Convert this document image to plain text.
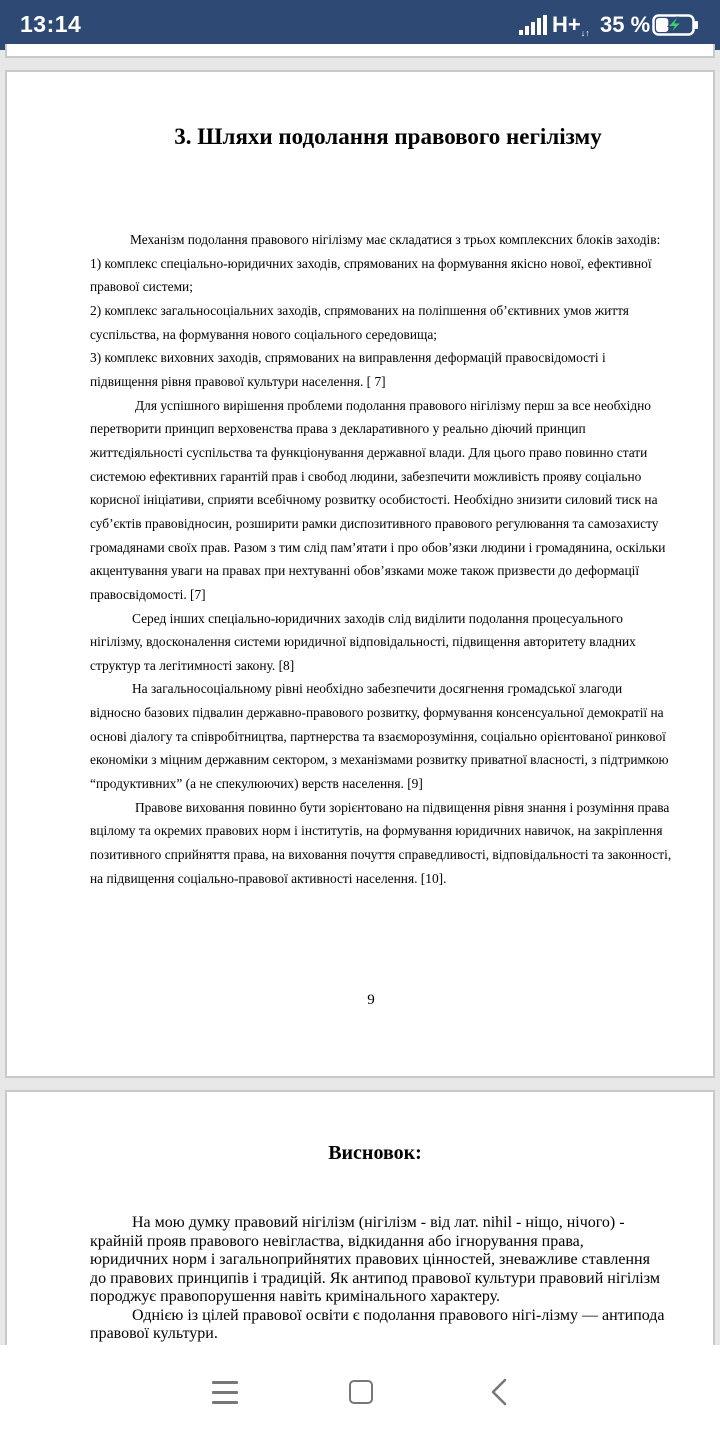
13:14	H+↓↑ 35 %
3. Шляхи подолання правового негілізму

Механізм подолання правового нігілізму має складатися з трьох комплексних блоків заходів:

1) комплекс спеціально-юридичних заходів, спрямованих на формування якісно нової, ефективної правової системи;

2) комплекс загальносоціальних заходів, спрямованих на поліпшення об’єктивних умов життя суспільства, на формування нового соціального середовища;

3) комплекс виховних заходів, спрямованих на виправлення деформацій правосвідомості і підвищення рівня правової культури населення. [ 7]

Для успішного вирішення проблеми подолання правового нігілізму перш за все необхідно перетворити принцип верховенства права з декларативного у реально діючий принцип життєдіяльності суспільства та функціонування державної влади. Для цього право повинно стати системою ефективних гарантій прав і свобод людини, забезпечити можливість прояву соціально корисної ініціативи, сприяти всебічному розвитку особистості. Необхідно знизити силовий тиск на суб’єктів правовідносин, розширити рамки диспозитивного правового регулювання та самозахисту громадянами своїх прав. Разом з тим слід пам’ятати і про обов’язки людини і громадянина, оскільки акцентування уваги на правах при нехтуванні обов’язками може також призвести до деформації правосвідомості. [7]

Серед інших спеціально-юридичних заходів слід виділити подолання процесуального нігілізму, вдосконалення системи юридичної відповідальності, підвищення авторитету владних структур та легітимності закону. [8]

На загальносоціальному рівні необхідно забезпечити досягнення громадської злагоди відносно базових підвалин державно-правового розвитку, формування консенсуальної демократії на основі діалогу та співробітництва, партнерства та взаєморозуміння, соціально орієнтованої ринкової економіки з міцним державним сектором, з механізмами розвитку приватної власності, з підтримкою “продуктивних” (а не спекулюючих) верств населення. [9]

Правове виховання повинно бути зорієнтовано на підвищення рівня знання і розуміння права вцілому та окремих правових норм і інститутів, на формування юридичних навичок, на закріплення позитивного сприйняття права, на виховання почуття справедливості, відповідальності та законності, на підвищення соціально-правової активності населення. [10].

9
Висновок:

На мою думку правовий нігілізм (нігілізм - від лат. nihil - ніщо, нічого) - крайній прояв правового невігластва, відкидання або ігнорування права, юридичних норм і загальноприйнятих правових цінностей, зневажливе ставлення до правових принципів і традицій. Як антипод правової культури правовий нігілізм породжує правопорушення навіть кримінального характеру.

Однією із цілей правової освіти є подолання правового нігі-лізму — антипода правової культури.
